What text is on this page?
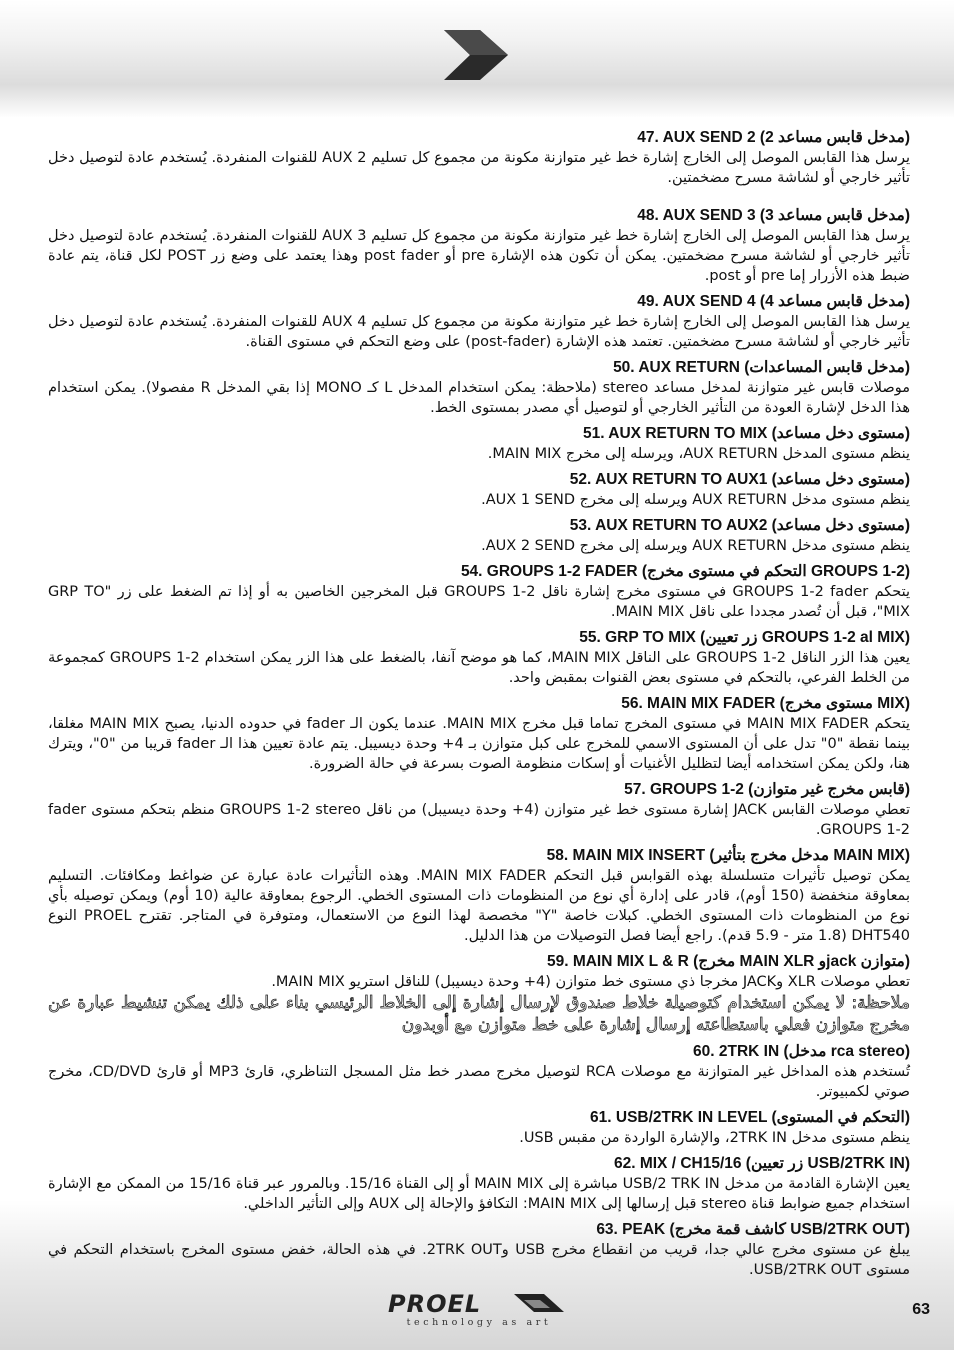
47. AUX SEND 2 (مدخل قابس مساعد 2)
يرسل هذا القابس الموصل إلى الخارج إشارة خط غير متوازنة مكونة من مجموع كل تسليم AUX 2 للقنوات المنفردة. يُستخدم عادة لتوصيل دخل تأثير خارجي أو لشاشة مسرح مضخمتين.
48. AUX SEND 3 (مدخل قابس مساعد 3)
يرسل هذا القابس الموصل إلى الخارج إشارة خط غير متوازنة مكونة من مجموع كل تسليم AUX 3 للقنوات المنفردة. يُستخدم عادة لتوصيل دخل تأثير خارجي أو لشاشة مسرح مضخمتين. يمكن أن تكون هذه الإشارة pre أو post fader وهذا يعتمد على وضع زر POST لكل قناة، يتم عادة ضبط هذه الأزرار إما pre أو post.
49. AUX SEND 4 (مدخل قابس مساعد 4)
يرسل هذا القابس الموصل إلى الخارج إشارة خط غير متوازنة مكونة من مجموع كل تسليم AUX 4 للقنوات المنفردة. يُستخدم عادة لتوصيل دخل تأثير خارجي أو لشاشة مسرح مضخمتين. تعتمد هذه الإشارة (post-fader) على وضع التحكم في مستوى القناة.
50. AUX RETURN (مدخل قابس المساعدات)
موصلات قابس غير متوازنة لمدخل مساعد stereo (ملاحظة: يمكن استخدام المدخل L كـ MONO إذا بقي المدخل R مفصولا). يمكن استخدام هذا الدخل لإشارة العودة من التأثير الخارجي أو لتوصيل أي مصدر بمستوى الخط.
51. AUX RETURN TO MIX (مستوى دخل مساعد)
ينظم مستوى المدخل AUX RETURN، ويرسله إلى مخرج MAIN MIX.
52. AUX RETURN TO AUX1 (مستوى دخل مساعد)
ينظم مستوى مدخل AUX RETURN ويرسله إلى مخرج AUX 1 SEND.
53. AUX RETURN TO AUX2 (مستوى دخل مساعد)
ينظم مستوى مدخل AUX RETURN ويرسله إلى مخرج AUX 2 SEND.
54. GROUPS 1-2 FADER (التحكم في مستوى مخرج GROUPS 1-2)
يتحكم GROUPS 1-2 fader في مستوى مخرج إشارة ناقل GROUPS 1-2 قبل المخرجين الخاصين به أو إذا تم الضغط على زر "GRP TO MIX"، قبل أن تُصدر مجددا على ناقل MAIN MIX.
55. GRP TO MIX (زر تعيين GROUPS 1-2 al MIX)
يعين هذا الزر الناقل GROUPS 1-2 على الناقل MAIN MIX، كما هو موضح آنفا، بالضغط على هذا الزر يمكن استخدام GROUPS 1-2 كمجموعة من الخلط الفرعي، بالتحكم في مستوى بعض القنوات بمقبض واحد.
56. MAIN MIX FADER (مستوى مخرج MIX)
يتحكم MAIN MIX FADER في مستوى المخرج تماما قبل مخرج MAIN MIX. عندما يكون الـ fader في حدوده الدنيا، يصبح MAIN MIX مغلقا، بينما نقطة "0" تدل على أن المستوى الاسمي للمخرج على كبل متوازن بـ 4+ وحدة ديسيبل. يتم عادة تعيين هذا الـ fader قريبا من "0"، ويترك هنا، ولكن يمكن استخدامه أيضا لتظليل الأغنيات أو إسكات منظومة الصوت بسرعة في حالة الضرورة.
57. GROUPS 1-2 (قابس مخرج غير متوازن)
تعطي موصلات القابس JACK إشارة مستوى خط غير متوازن (4+ وحدة ديسيبل) من ناقل GROUPS 1-2 stereo منظم بتحكم مستوى fader GROUPS 1-2.
58. MAIN MIX INSERT (مدخل مخرج بتأثير MAIN MIX)
يمكن توصيل تأثيرات متسلسلة بهذه القوابس قبل التحكم MAIN MIX FADER. وهذه التأثيرات عادة عبارة عن ضواغط ومكافئات. التسليم بمعاوقة منخفضة (150 أوم)، قادر على إدارة أي نوع من المنظومات ذات المستوى الخطي. الرجوع بمعاوقة عالية (10 أوم) ويمكن توصيله بأي نوع من المنظومات ذات المستوى الخطي. كبلات خاصة "Y" مخصصة لهذا النوع من الاستعمال، ومتوفرة في المتاجر. تقترح PROEL النوع DHT540 (1.8 متر - 5.9 قدم). راجع أيضا فصل التوصيلات من هذا الدليل.
59. MAIN MIX L & R (مخرج MAIN XLR وjack متوازن)
تعطي موصلات XLR وJACK مخرجا ذي مستوى خط متوازن (4+ وحدة ديسيبل) للناقل استريو MAIN MIX.
ملاحظة: لا يمكن استخدام كتوصيلة خلاط صندوق لإرسال إشارة إلى الخلاط الرئيسي بناء على ذلك يمكن تنشيط عبارة عن مخرج متوازن فعلي باستطاعته إرسال إشارة على خط متوازن مع أوبدون
60. 2TRK IN (مدخل rca stereo)
تُستخدم هذه المداخل غير المتوازنة مع موصلات RCA لتوصيل مخرج مصدر خط مثل المسجل التناظري، قارئ MP3 أو قارئ CD/DVD، مخرج صوتي لكمبيوتر.
61. USB/2TRK IN LEVEL (التحكم في المستوى)
ينظم مستوى مدخل 2TRK IN، والإشارة الواردة من مقبس USB.
62. MIX / CH15/16 (زر تعيين USB/2TRK IN)
يعين الإشارة القادمة من مدخل USB/2 TRK IN مباشرة إلى MAIN MIX أو إلى القناة 15/16. وبالمرور عبر قناة 15/16 من الممكن مع الإشارة استخدام جميع ضوابط قناة stereo قبل إرسالها إلى MAIN MIX: التكافؤ والإحالة إلى AUX وإلى التأثير الداخلي.
63. PEAK (كاشف قمة مخرج USB/2TRK OUT)
يبلغ عن مستوى مخرج عالي جدا، قريب من انقطاع مخرج USB و2TRK OUT. في هذه الحالة، خفض مستوى المخرج باستخدام التحكم في مستوى USB/2TRK OUT.
PROEL
technology as art
63
